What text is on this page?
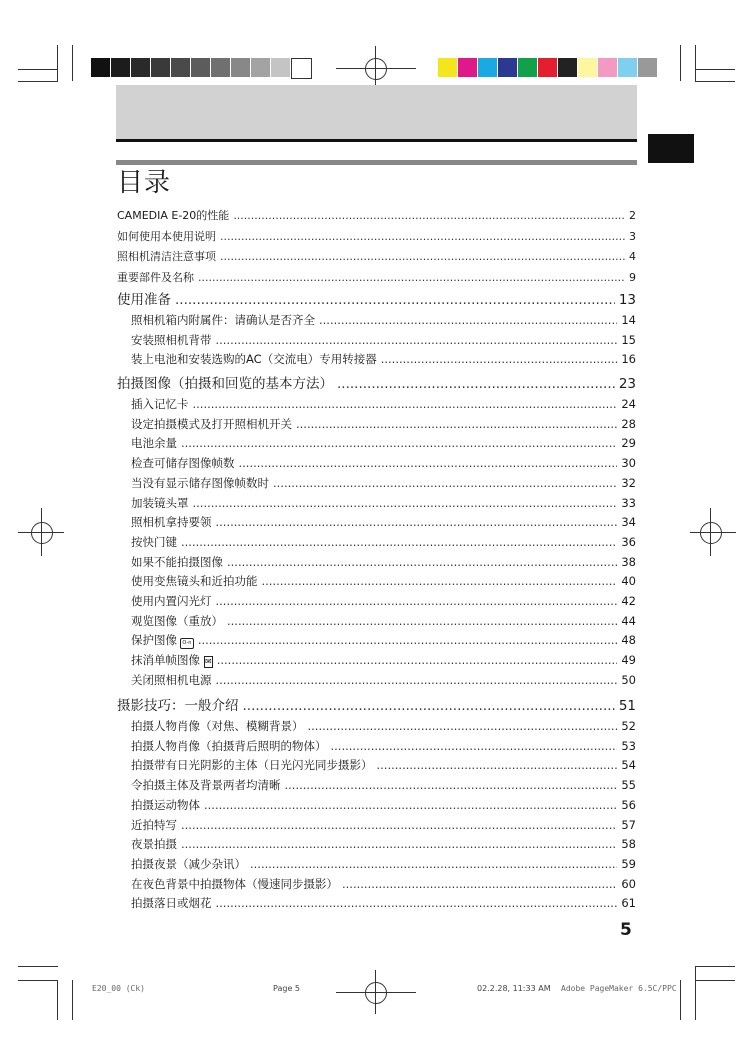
目录
CAMEDIA E-20的性能 .....	2
如何使用本使用说明 .....	3
照相机清洁注意事项 .....	4
重要部件及名称 .....	9
使用准备 .....	13
照相机箱内附属件：请确认是否齐全 .....	14
安装照相机背带 .....	15
装上电池和安装选购的AC（交流电）专用转接器 .....	16
拍摄图像（拍摄和回览的基本方法） .....	23
插入记忆卡 .....	24
设定拍摄模式及打开照相机开关 .....	28
电池余量 .....	29
检查可储存图像帧数 .....	30
当没有显示储存图像帧数时 .....	32
加装镜头罩 .....	33
照相机拿持要领 .....	34
按快门键 .....	36
如果不能拍摄图像 .....	38
使用变焦镜头和近拍功能 .....	40
使用内置闪光灯 .....	42
观览图像（重放） .....	44
保护图像	O-n .....	48
抹消单帧图像 ✉ .....	49
关闭照相机电源 .....	50
摄影技巧：一般介绍 .....	51
拍摄人物肖像（对焦、模糊背景） .....	52
拍摄人物肖像（拍摄背后照明的物体） .....	53
拍摄带有日光阴影的主体（日光闪光同步摄影） .....	54
令拍摄主体及背景两者均清晰 .....	55
拍摄运动物体 .....	56
近拍特写 .....	57
夜景拍摄 .....	58
拍摄夜景（减少杂讯） .....	59
在夜色背景中拍摄物体（慢速同步摄影） .....	60
拍摄落日或烟花 .....	61
5
E20_00 (Ck)	Page 5	02.2.28, 11:33 AM Adobe PageMaker 6.5C/PPC
